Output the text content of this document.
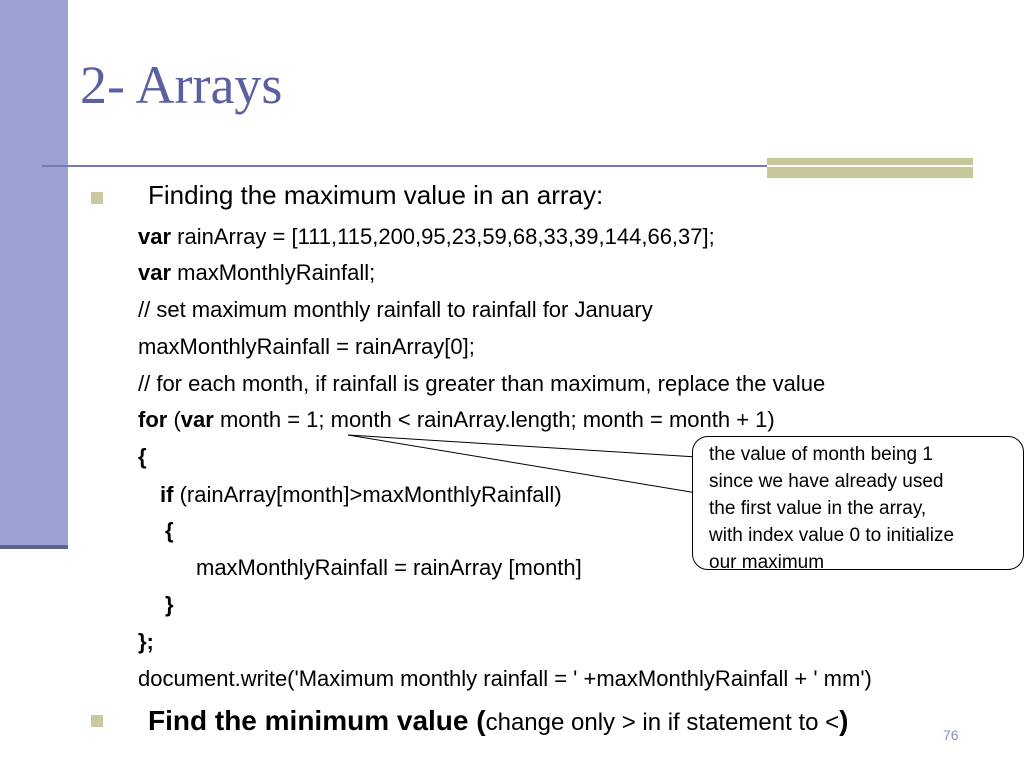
2- Arrays
Finding the maximum value in an array:
var rainArray = [111,115,200,95,23,59,68,33,39,144,66,37];
var maxMonthlyRainfall;
// set maximum monthly rainfall to rainfall for January
maxMonthlyRainfall = rainArray[0];
// for each month, if rainfall is greater than maximum, replace the value
for (var month = 1; month < rainArray.length; month = month + 1)
{
if (rainArray[month]>maxMonthlyRainfall)
{
maxMonthlyRainfall = rainArray [month]
}
};
document.write('Maximum monthly rainfall = ' +maxMonthlyRainfall + ' mm')
Find the minimum value (change only > in if statement to <)
the value of month being 1
since we have already used
the first value in the array,
with index value 0 to initialize
our maximum
76
